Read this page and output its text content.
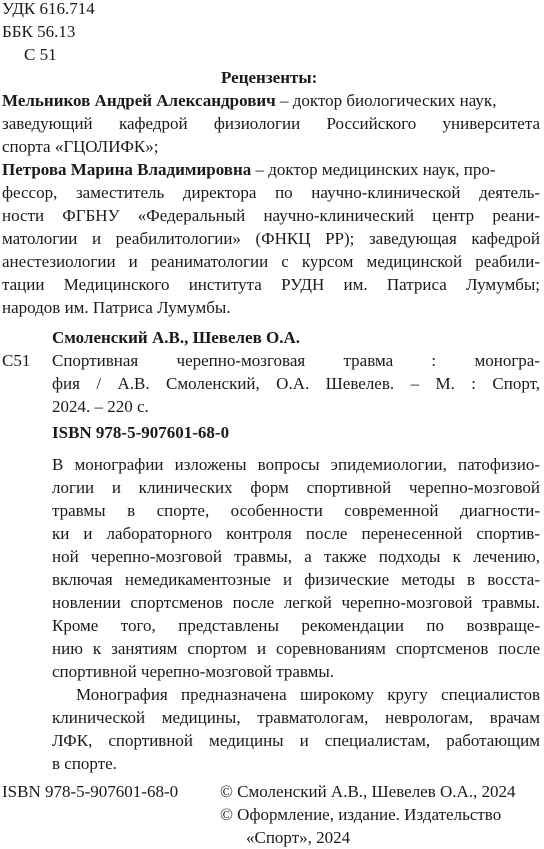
УДК 616.714
ББК 56.13
С 51
Рецензенты:
Мельников Андрей Александрович – доктор биологических наук,
заведующий кафедрой физиологии Российского университета
спорта «ГЦОЛИФК»;
Петрова Марина Владимировна – доктор медицинских наук, про-
фессор, заместитель директора по научно-клинической деятель-
ности ФГБНУ «Федеральный научно-клинический центр реани-
матологии и реабилитологии» (ФНКЦ РР); заведующая кафедрой
анестезиологии и реаниматологии с курсом медицинской реабили-
тации Медицинского института РУДН им. Патриса Лумумбы;
народов им. Патриса Лумумбы.
Смоленский А.В., Шевелев О.А.
С51 Спортивная черепно-мозговая травма : моногра-
фия / А.В. Смоленский, О.А. Шевелев. – М. : Спорт,
2024. – 220 с.
ISBN 978-5-907601-68-0
В монографии изложены вопросы эпидемиологии, патофизио-
логии и клинических форм спортивной черепно-мозговой
травмы в спорте, особенности современной диагности-
ки и лабораторного контроля после перенесенной спортив-
ной черепно-мозговой травмы, а также подходы к лечению,
включая немедикаментозные и физические методы в восста-
новлении спортсменов после легкой черепно-мозговой травмы.
Кроме того, представлены рекомендации по возвраще-
нию к занятиям спортом и соревнованиям спортсменов после
спортивной черепно-мозговой травмы.
Монография предназначена широкому кругу специалистов
клинической медицины, травматологам, неврологам, врачам
ЛФК, спортивной медицины и специалистам, работающим
в спорте.
ISBN 978-5-907601-68-0 © Смоленский А.В., Шевелев О.А., 2024
© Оформление, издание. Издательство
«Спорт», 2024
